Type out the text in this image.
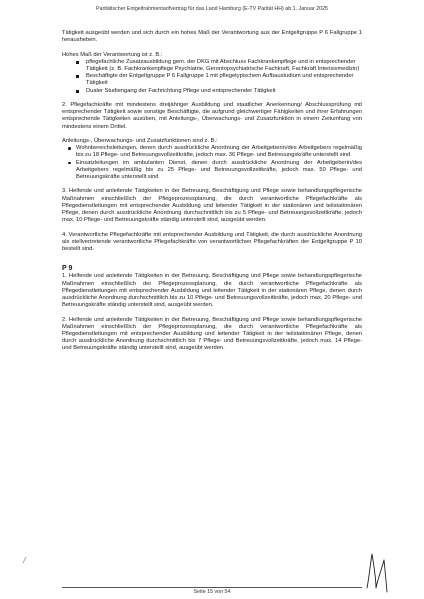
Paritätischer Entgeltrahmentarifvertrag für das Land Hamburg (E-TV Parität HH) ab 1. Januar 2025

Tätigkeit ausgeübt werden und sich durch ein hohes Maß der Verantwortung aus der Entgeltgruppe P 6 Fallgruppe 1 herausheben.

Hohes Maß der Verantwortung ist z. B.:

pflegefachliche Zusatzausbildung gem. der DKG mit Abschluss Fachkrankenpflege und in entsprechender Tätigkeit (z. B. Fachkrankenpflege Psychiatrie, Gerontopsychiatrische Fachkraft, Fachkraft Intensivmedizin)
Beschäftigte der Entgeltgruppe P 6 Fallgruppe 1 mit pflegetypischem Aufbaustudium und entsprechender Tätigkeit
Dualer Studiengang der Fachrichtung Pflege und entsprechender Tätigkeit

2. Pflegefachkräfte mit mindestens dreijähriger Ausbildung und staatlicher Anerkennung/ Abschlussprüfung mit entsprechender Tätigkeit sowie sonstige Beschäftigte, die aufgrund gleichwertiger Fähigkeiten und ihrer Erfahrungen entsprechende Tätigkeiten ausüben, mit Anleitungs-, Überwachungs- und Zusatzfunktion in einem Zeitumfang von mindestens einem Drittel.

Anleitungs-, Überwachungs- und Zusatzfunktionen sind z. B.:

Wohnbereichsleitungen, denen durch ausdrückliche Anordnung der Arbeitgeberin/des Arbeitgebers regelmäßig bis zu 18 Pflege- und Betreuungsvollzeitkräfte, jedoch max. 36 Pflege- und Betreuungskräfte unterstellt sind
Einsatzleitungen im ambulanten Dienst, denen durch ausdrückliche Anordnung der Arbeitgeberin/des Arbeitgebers regelmäßig bis zu 25 Pflege- und Betreuungsvollzeitkräfte, jedoch max. 50 Pflege- und Betreuungskräfte unterstellt sind

3. Helfende und anleitende Tätigkeiten in der Betreuung, Beschäftigung und Pflege sowie behandlungspflegerische Maßnahmen einschließlich der Pflegeprozessplanung, die durch verantwortliche Pflegefachkräfte als Pflegedienstleitungen mit entsprechender Ausbildung und leitender Tätigkeit in der stationären und teilstationären Pflege, denen durch ausdrückliche Anordnung durchschnittlich bis zu 5 Pflege- und Betreuungsvollzeitkräfte, jedoch max. 10 Pflege- und Betreuungskräfte ständig unterstellt sind, ausgeübt werden.

4. Verantwortliche Pflegefachkräfte mit entsprechender Ausbildung und Tätigkeit, die durch ausdrückliche Anordnung als stellvertretende verantwortliche Pflegefachkräfte von verantwortlichen Pflegefachkräften der Entgeltgruppe P 10 bestellt sind.

P 9

1. Helfende und anleitende Tätigkeiten in der Betreuung, Beschäftigung und Pflege sowie behandlungspflegerische Maßnahmen einschließlich der Pflegeprozessplanung, die durch verantwortliche Pflegefachkräfte als Pflegedienstleitungen mit entsprechender Ausbildung und leitender Tätigkeit in der stationären Pflege, denen durch ausdrückliche Anordnung durchschnittlich bis zu 10 Pflege- und Betreuungsvollzeitkräfte, jedoch max. 20 Pflege- und Betreuungskräfte ständig unterstellt sind, ausgeübt werden.

2. Helfende und anleitende Tätigkeiten in der Betreuung, Beschäftigung und Pflege sowie behandlungspflegerische Maßnahmen einschließlich der Pflegeprozessplanung, die durch verantwortliche Pflegefachkräfte als Pflegedienstleitungen mit entsprechender Ausbildung und leitender Tätigkeit in der teilstationären Pflege, denen durch ausdrückliche Anordnung durchschnittlich bis 7 Pflege- und Betreuungsvollzeitkräfte, jedoch max. 14 Pflege- und Betreuungskräfte ständig unterstellt sind, ausgeübt werden.

Seite 15 von 54
